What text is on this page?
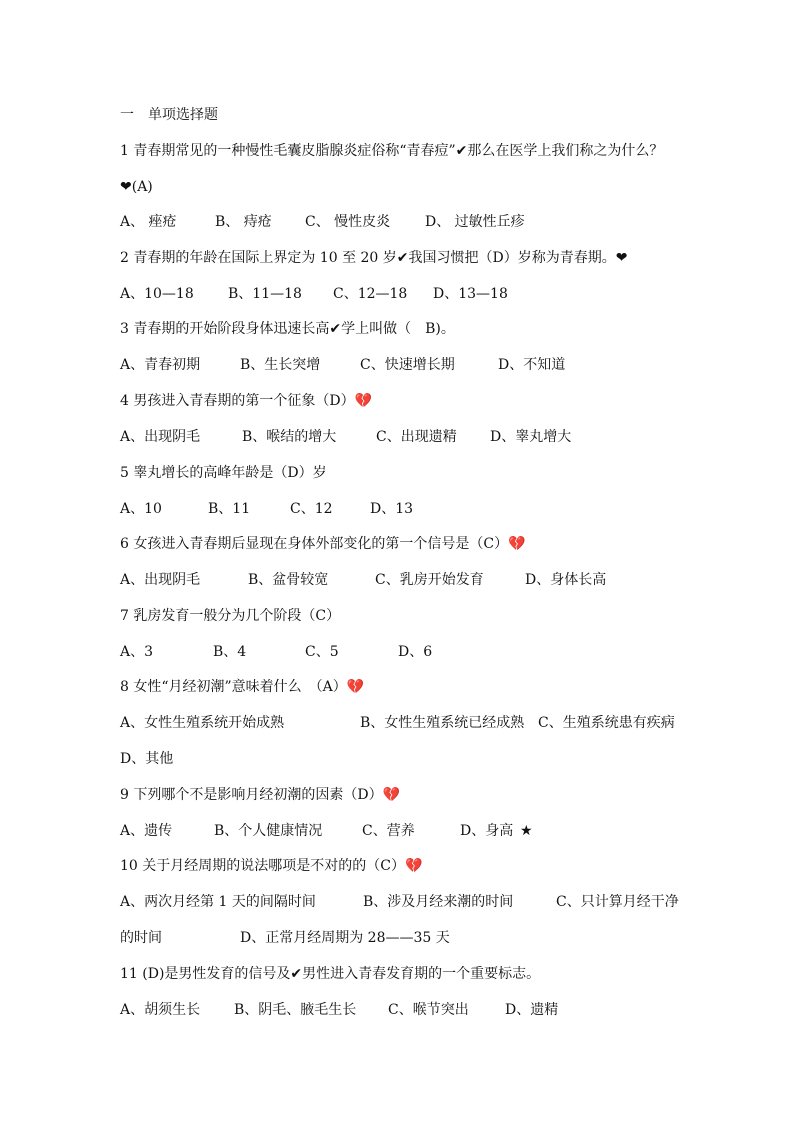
一　单项选择题
1 青春期常见的一种慢性毛囊皮脂腺炎症俗称“青春痘”✔那么在医学上我们称之为什么？
❤(A)
A、 痤疮	B、 痔疮 C、 慢性皮炎 D、 过敏性丘疹
2 青春期的年龄在国际上界定为 10 至 20 岁✔我国习惯把（D）岁称为青春期。❤
A、10—18 B、11—18 C、12—18 D、13—18
3 青春期的开始阶段身体迅速长高✔学上叫做（　B)。
A、青春初期	B、生长突增	C、快速增长期	D、不知道
4 男孩进入青春期的第一个征象（D）💔
A、出现阴毛	B、喉结的增大	C、出现遗精 D、睾丸增大
5 睾丸增长的高峰年龄是（D）岁
A、10	B、11	C、12	D、13
6 女孩进入青春期后显现在身体外部变化的第一个信号是（C）💔
A、出现阴毛	B、盆骨较宽	C、乳房开始发育	D、身体长高
7 乳房发育一般分为几个阶段（C）
A、3	B、4	C、5	D、6
8 女性“月经初潮”意味着什么　（A）💔
A、女性生殖系统开始成熟	B、女性生殖系统已经成熟 C、生殖系统患有疾病
D、其他
9 下列哪个不是影响月经初潮的因素（D）💔
A、遗传	B、个人健康情况	C、营养	D、身高 ★
10 关于月经周期的说法哪项是不对的的（C）💔
A、两次月经第 1 天的间隔时间	B、涉及月经来潮的时间	C、只计算月经干净
的时间	D、正常月经周期为 28——35 天
11 (D)是男性发育的信号及✔男性进入青春发育期的一个重要标志。
A、胡须生长 B、阴毛、腋毛生长 C、喉节突出	D、遗精
